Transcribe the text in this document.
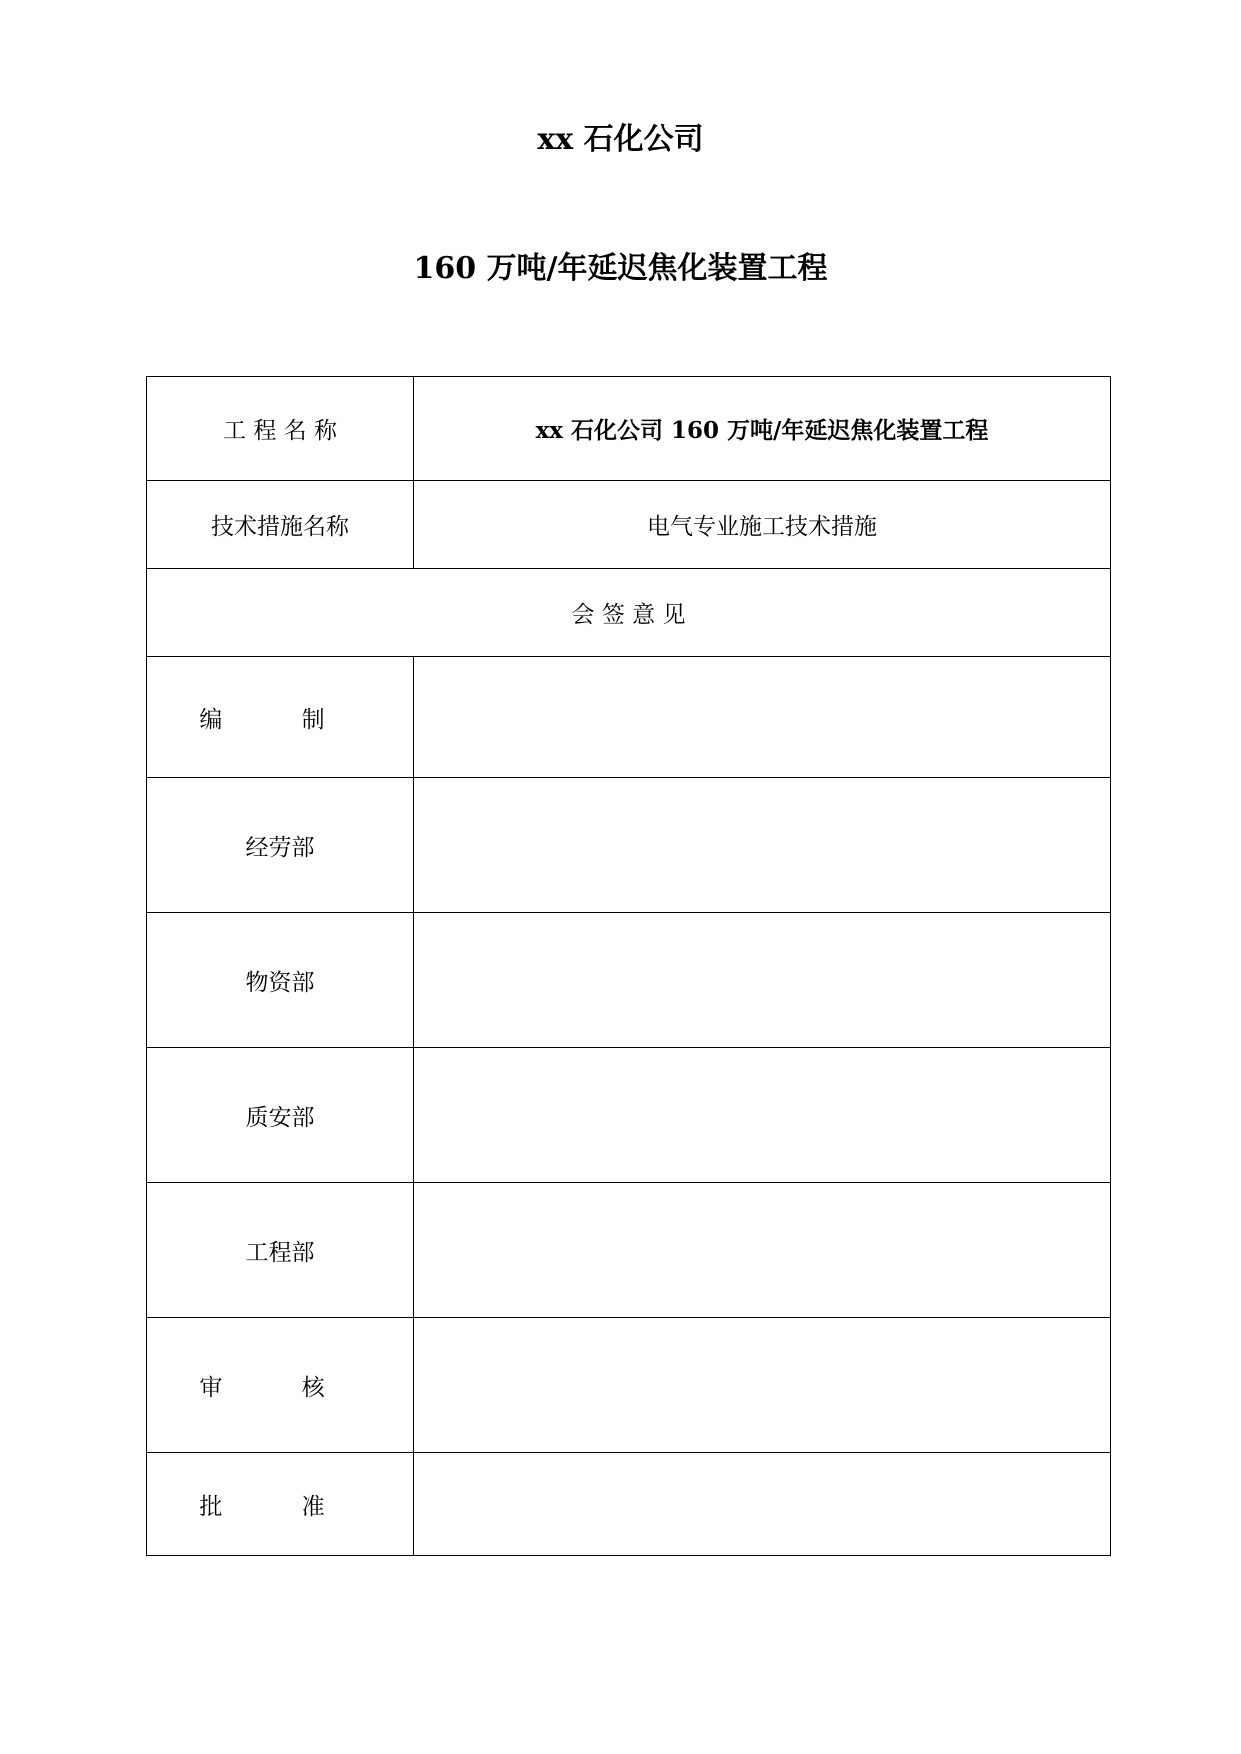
xx 石化公司
160 万吨/年延迟焦化装置工程
工 程 名 称	xx 石化公司 160 万吨/年延迟焦化装置工程
技术措施名称	电气专业施工技术措施
会 签 意 见	
编 制	
经劳部	
物资部	
质安部	
工程部	
审 核	
批 准	
